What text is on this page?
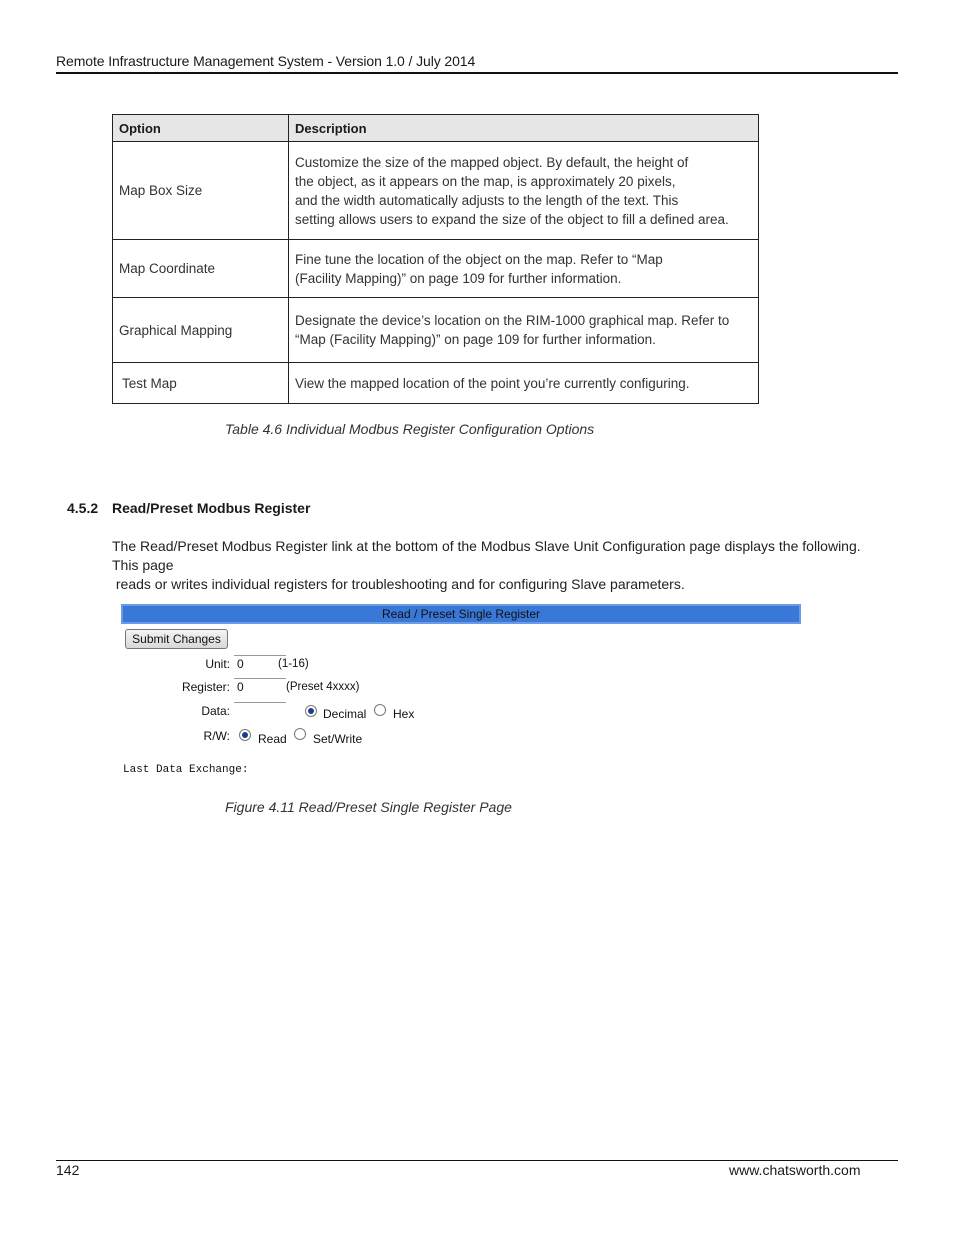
Remote Infrastructure Management System - Version 1.0 / July 2014
Option	Description
Map Box Size	Customize the size of the mapped object. By default, the height of
the object, as it appears on the map, is approximately 20 pixels,
and the width automatically adjusts to the length of the text. This
setting allows users to expand the size of the object to fill a defined area.

Map Coordinate	Fine tune the location of the object on the map. Refer to “Map
(Facility Mapping)” on page 109 for further information.

Graphical Mapping	Designate the device’s location on the RIM-1000 graphical map. Refer to
“Map (Facility Mapping)” on page 109 for further information.

Test Map	View the mapped location of the point you’re currently configuring.
Table 4.6 Individual Modbus Register Configuration Options
4.5.2 Read/Preset Modbus Register
The Read/Preset Modbus Register link at the bottom of the Modbus Slave Unit Configuration page displays the following. This page
reads or writes individual registers for troubleshooting and for configuring Slave parameters.
Read / Preset Single Register
Submit Changes
Unit:
0	(1-16)
Register:
0	(Preset 4xxxx)
Data:	Decimal Hex
R/W: Read Set/Write
Last Data Exchange:
Figure 4.11 Read/Preset Single Register Page
142	www.chatsworth.com
